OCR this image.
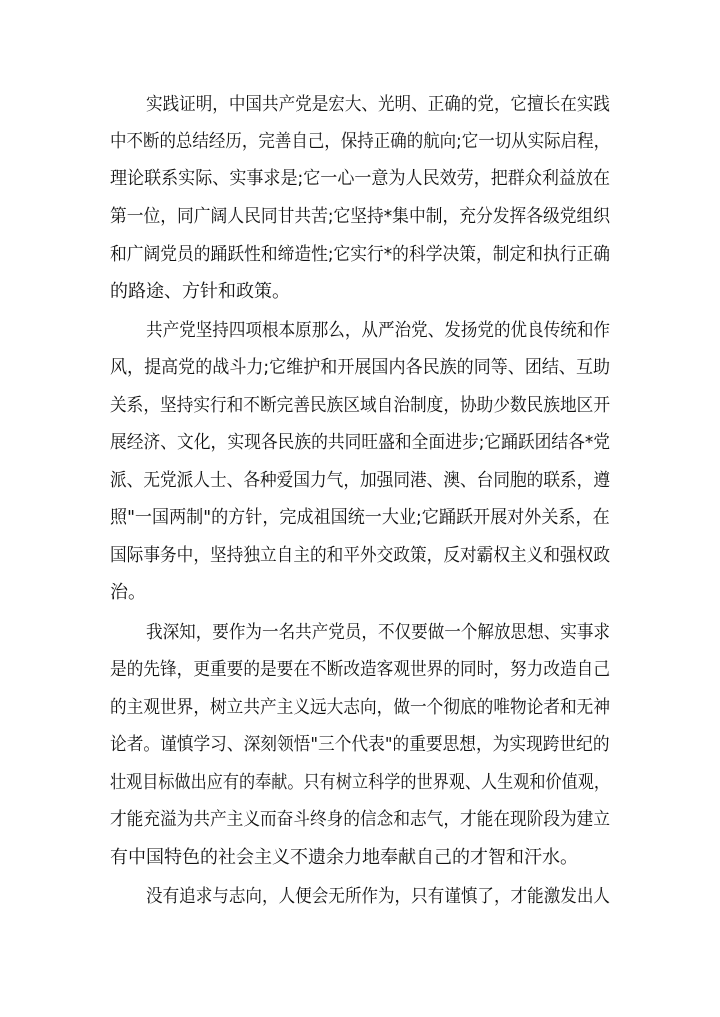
实践证明，中国共产党是宏大、光明、正确的党，它擅长在实践
中不断的总结经历，完善自己，保持正确的航向;它一切从实际启程，
理论联系实际、实事求是;它一心一意为人民效劳，把群众利益放在
第一位，同广阔人民同甘共苦;它坚持*集中制，充分发挥各级党组织
和广阔党员的踊跃性和缔造性;它实行*的科学决策，制定和执行正确
的路途、方针和政策。
共产党坚持四项根本原那么，从严治党、发扬党的优良传统和作
风，提高党的战斗力;它维护和开展国内各民族的同等、团结、互助
关系，坚持实行和不断完善民族区域自治制度，协助少数民族地区开
展经济、文化，实现各民族的共同旺盛和全面进步;它踊跃团结各*党
派、无党派人士、各种爱国力气，加强同港、澳、台同胞的联系，遵
照"一国两制"的方针，完成祖国统一大业;它踊跃开展对外关系，在
国际事务中，坚持独立自主的和平外交政策，反对霸权主义和强权政
治。
我深知，要作为一名共产党员，不仅要做一个解放思想、实事求
是的先锋，更重要的是要在不断改造客观世界的同时，努力改造自己
的主观世界，树立共产主义远大志向，做一个彻底的唯物论者和无神
论者。谨慎学习、深刻领悟"三个代表"的重要思想，为实现跨世纪的
壮观目标做出应有的奉献。只有树立科学的世界观、人生观和价值观，
才能充溢为共产主义而奋斗终身的信念和志气，才能在现阶段为建立
有中国特色的社会主义不遗余力地奉献自己的才智和汗水。
没有追求与志向，人便会无所作为，只有谨慎了，才能激发出人
